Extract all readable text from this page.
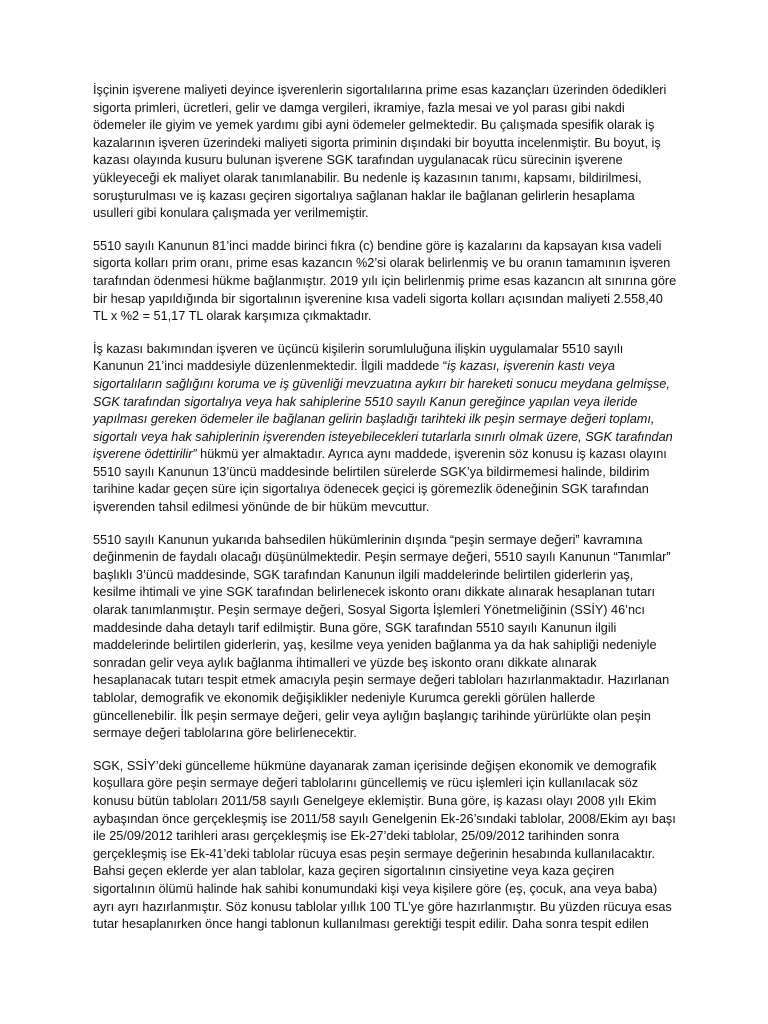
İşçinin işverene maliyeti deyince işverenlerin sigortalılarına prime esas kazançları üzerinden ödedikleri sigorta primleri, ücretleri, gelir ve damga vergileri, ikramiye, fazla mesai ve yol parası gibi nakdi ödemeler ile giyim ve yemek yardımı gibi ayni ödemeler gelmektedir. Bu çalışmada spesifik olarak iş kazalarının işveren üzerindeki maliyeti sigorta priminin dışındaki bir boyutta incelenmiştir. Bu boyut, iş kazası olayında kusuru bulunan işverene SGK tarafından uygulanacak rücu sürecinin işverene yükleyeceği ek maliyet olarak tanımlanabilir. Bu nedenle iş kazasının tanımı, kapsamı, bildirilmesi, soruşturulması ve iş kazası geçiren sigortalıya sağlanan haklar ile bağlanan gelirlerin hesaplama usulleri gibi konulara çalışmada yer verilmemiştir.

5510 sayılı Kanunun 81’inci madde birinci fıkra (c) bendine göre iş kazalarını da kapsayan kısa vadeli sigorta kolları prim oranı, prime esas kazancın %2’si olarak belirlenmiş ve bu oranın tamamının işveren tarafından ödenmesi hükme bağlanmıştır. 2019 yılı için belirlenmiş prime esas kazancın alt sınırına göre bir hesap yapıldığında bir sigortalının işverenine kısa vadeli sigorta kolları açısından maliyeti 2.558,40 TL x %2 = 51,17 TL olarak karşımıza çıkmaktadır.

İş kazası bakımından işveren ve üçüncü kişilerin sorumluluğuna ilişkin uygulamalar 5510 sayılı Kanunun 21’inci maddesiyle düzenlenmektedir. İlgili maddede “iş kazası, işverenin kastı veya sigortalıların sağlığını koruma ve iş güvenliği mevzuatına aykırı bir hareketi sonucu meydana gelmişse, SGK tarafından sigortalıya veya hak sahiplerine 5510 sayılı Kanun gereğince yapılan veya ileride yapılması gereken ödemeler ile bağlanan gelirin başladığı tarihteki ilk peşin sermaye değeri toplamı, sigortalı veya hak sahiplerinin işverenden isteyebilecekleri tutarlarla sınırlı olmak üzere, SGK tarafından işverene ödettirilir” hükmü yer almaktadır. Ayrıca aynı maddede, işverenin söz konusu iş kazası olayını 5510 sayılı Kanunun 13’üncü maddesinde belirtilen sürelerde SGK’ya bildirmemesi halinde, bildirim tarihine kadar geçen süre için sigortalıya ödenecek geçici iş göremezlik ödeneğinin SGK tarafından işverenden tahsil edilmesi yönünde de bir hüküm mevcuttur.

5510 sayılı Kanunun yukarıda bahsedilen hükümlerinin dışında “peşin sermaye değeri” kavramına değinmenin de faydalı olacağı düşünülmektedir. Peşin sermaye değeri, 5510 sayılı Kanunun “Tanımlar” başlıklı 3’üncü maddesinde, SGK tarafından Kanunun ilgili maddelerinde belirtilen giderlerin yaş, kesilme ihtimali ve yine SGK tarafından belirlenecek iskonto oranı dikkate alınarak hesaplanan tutarı olarak tanımlanmıştır. Peşin sermaye değeri, Sosyal Sigorta İşlemleri Yönetmeliğinin (SSİY) 46’ncı maddesinde daha detaylı tarif edilmiştir. Buna göre, SGK tarafından 5510 sayılı Kanunun ilgili maddelerinde belirtilen giderlerin, yaş, kesilme veya yeniden bağlanma ya da hak sahipliği nedeniyle sonradan gelir veya aylık bağlanma ihtimalleri ve yüzde beş iskonto oranı dikkate alınarak hesaplanacak tutarı tespit etmek amacıyla peşin sermaye değeri tabloları hazırlanmaktadır. Hazırlanan tablolar, demografik ve ekonomik değişiklikler nedeniyle Kurumca gerekli görülen hallerde güncellenebilir. İlk peşin sermaye değeri, gelir veya aylığın başlangıç tarihinde yürürlükte olan peşin sermaye değeri tablolarına göre belirlenecektir.

SGK, SSİY’deki güncelleme hükmüne dayanarak zaman içerisinde değişen ekonomik ve demografik koşullara göre peşin sermaye değeri tablolarını güncellemiş ve rücu işlemleri için kullanılacak söz konusu bütün tabloları 2011/58 sayılı Genelgeye eklemiştir. Buna göre, iş kazası olayı 2008 yılı Ekim aybaşından önce gerçekleşmiş ise 2011/58 sayılı Genelgenin Ek-26’sındaki tablolar, 2008/Ekim ayı başı ile 25/09/2012 tarihleri arası gerçekleşmiş ise Ek-27’deki tablolar, 25/09/2012 tarihinden sonra gerçekleşmiş ise Ek-41’deki tablolar rücuya esas peşin sermaye değerinin hesabında kullanılacaktır. Bahsi geçen eklerde yer alan tablolar, kaza geçiren sigortalının cinsiyetine veya kaza geçiren sigortalının ölümü halinde hak sahibi konumundaki kişi veya kişilere göre (eş, çocuk, ana veya baba) ayrı ayrı hazırlanmıştır. Söz konusu tablolar yıllık 100 TL’ye göre hazırlanmıştır. Bu yüzden rücuya esas tutar hesaplanırken önce hangi tablonun kullanılması gerektiği tespit edilir. Daha sonra tespit edilen
